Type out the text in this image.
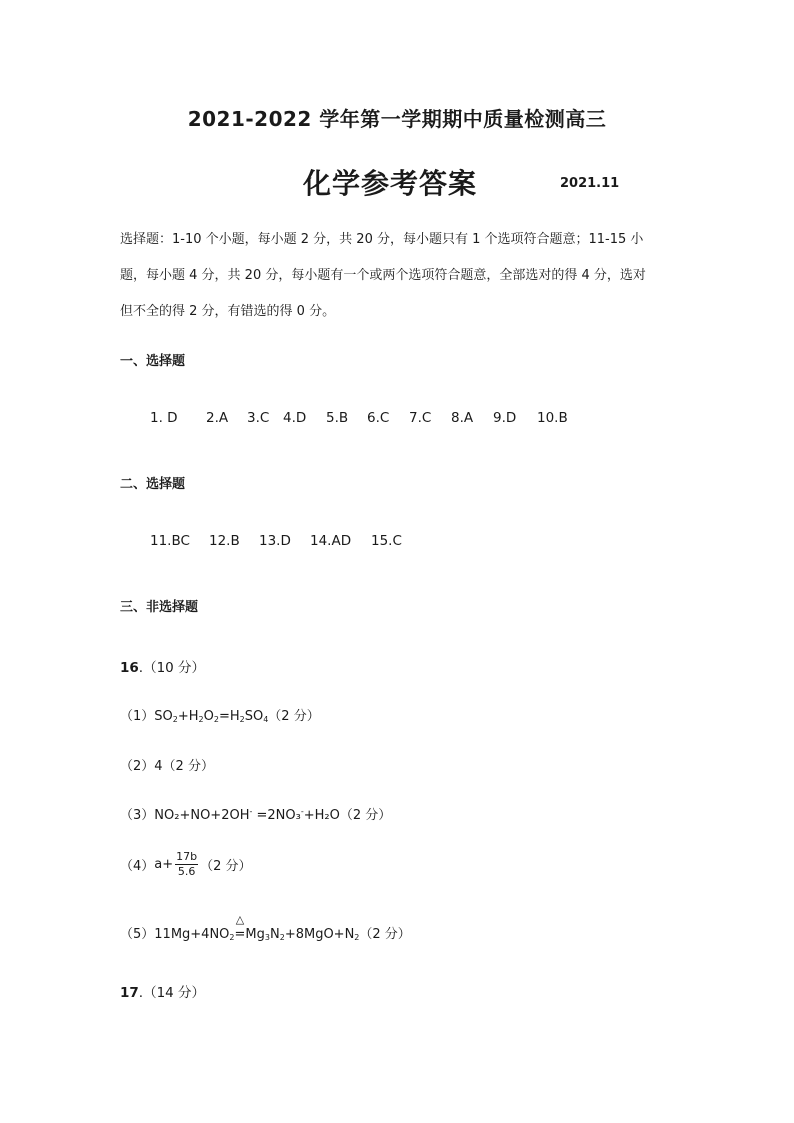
2021-2022 学年第一学期期中质量检测高三
化学参考答案	2021.11
选择题：1-10 个小题，每小题 2 分，共 20 分，每小题只有 1 个选项符合题意；11-15 小
题，每小题 4 分，共 20 分，每小题有一个或两个选项符合题意，全部选对的得 4 分，选对
但不全的得 2 分，有错选的得 0 分。
一、选择题
1. D 2.A 3.C 4.D 5.B 6.C 7.C 8.A 9.D 10.B
二、选择题
11.BC 12.B 13.D 14.AD 15.C
三、非选择题
16.（10 分）
$(1)SO_2+H_2O_2=H_2SO_4(2$ 分）
（2）4（2 分）
（3）NO₂+NO+2OH- =2NO₃-+H₂O（2 分）
$(4)a+ \frac{17b}{5.6} (2$ 分）
$(5)11Mg+4NO_2$
△
$=Mg_3N_2+8MgO+N_2(2$ 分）
17.（14 分）
